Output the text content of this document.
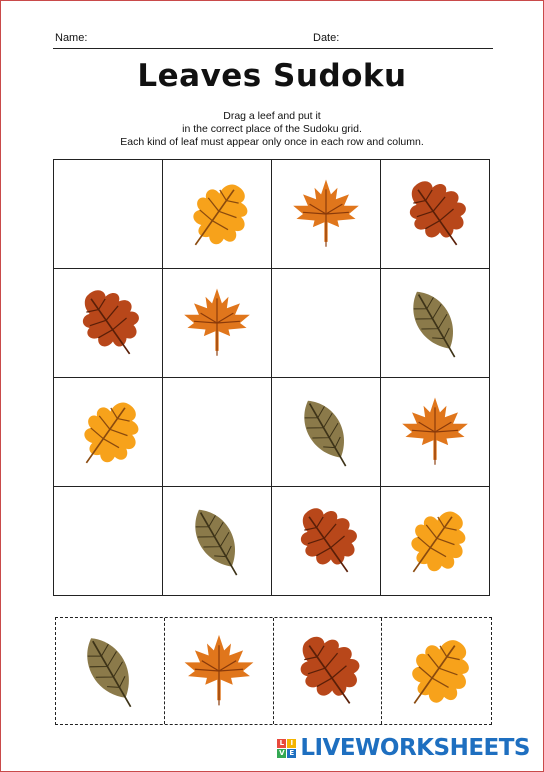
Name:	Date:
Leaves Sudoku
Drag a leef and put it
in the correct place of the Sudoku grid.
Each kind of leaf must appear only once in each row and column.
L I
V E LIVEWORKSHEETS
